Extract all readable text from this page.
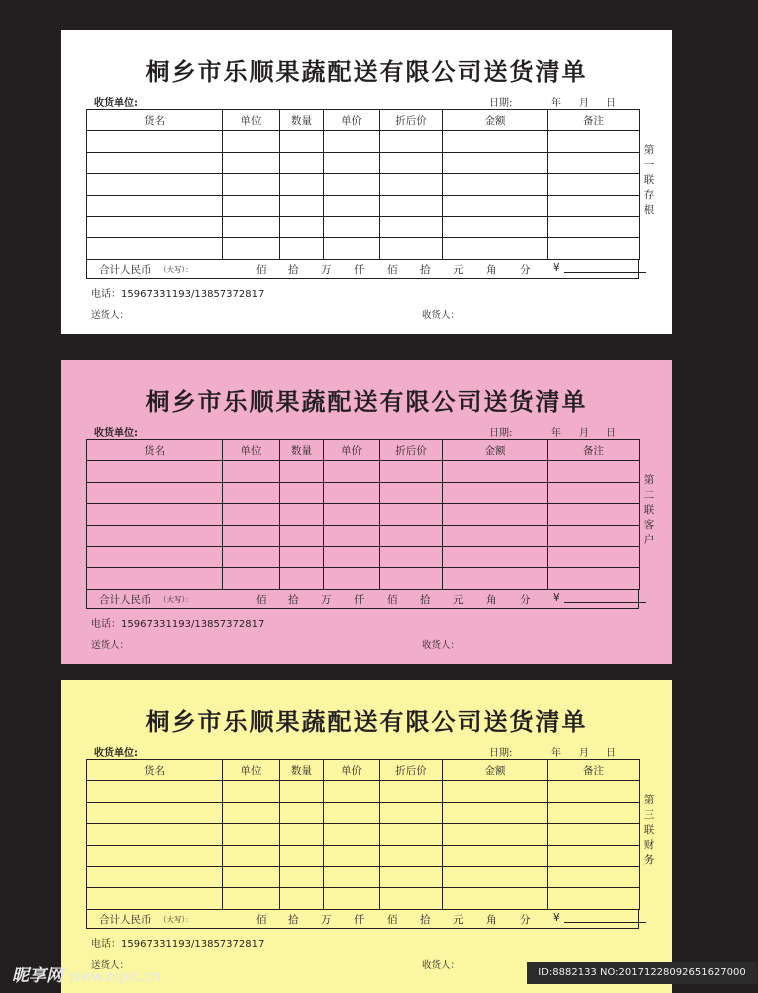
桐乡市乐顺果蔬配送有限公司送货清单
收货单位:	日期:	年 月 日
货名	单位	数量	单价	折后价	金额	备注

合计人民币 （大写）：	佰 拾 万 仟 佰 拾 元 角 分 ¥
第
一
联
存
根
电话：15967331193/13857372817
送货人：	收货人：
桐乡市乐顺果蔬配送有限公司送货清单
收货单位:	日期:	年 月 日
货名	单位	数量	单价	折后价	金额	备注

合计人民币 （大写）：	佰 拾 万 仟 佰 拾 元 角 分 ¥
第
二
联
客
户
电话：15967331193/13857372817
送货人：	收货人：
桐乡市乐顺果蔬配送有限公司送货清单
收货单位:	日期:	年 月 日
货名	单位	数量	单价	折后价	金额	备注

合计人民币 （大写）：	佰 拾 万 仟 佰 拾 元 角 分 ¥
第
三
联
财
务
电话：15967331193/13857372817
送货人：	收货人：
昵享网 www.nipic.cn	ID:8882133 NO:20171228092651627000
